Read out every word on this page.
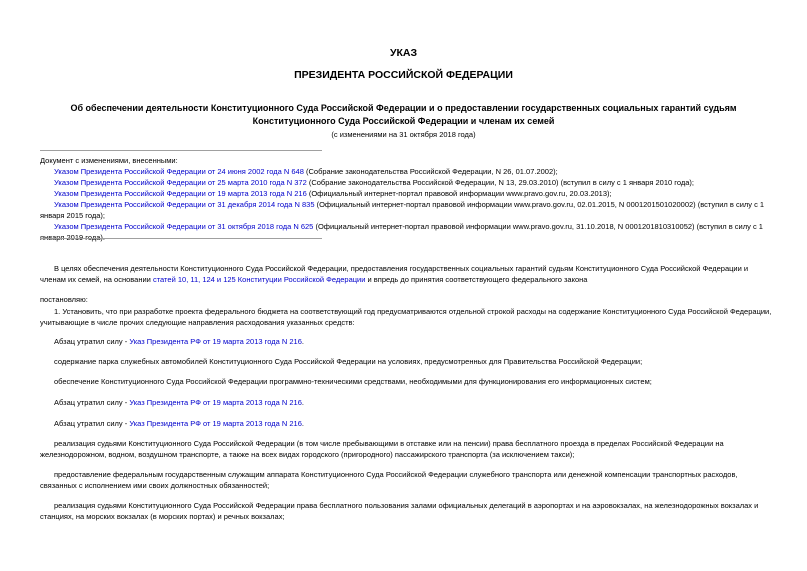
УКАЗ
ПРЕЗИДЕНТА РОССИЙСКОЙ ФЕДЕРАЦИИ
Об обеспечении деятельности Конституционного Суда Российской Федерации и о предоставлении государственных социальных гарантий судьям
Конституционного Суда Российской Федерации и членам их семей
(с изменениями на 31 октября 2018 года)
Документ с изменениями, внесенными:
Указом Президента Российской Федерации от 24 июня 2002 года N 648 (Собрание законодательства Российской Федерации, N 26, 01.07.2002);
Указом Президента Российской Федерации от 25 марта 2010 года N 372 (Собрание законодательства Российской Федерации, N 13, 29.03.2010) (вступил в силу с 1 января 2010 года);
Указом Президента Российской Федерации от 19 марта 2013 года N 216 (Официальный интернет-портал правовой информации www.pravo.gov.ru, 20.03.2013);
Указом Президента Российской Федерации от 31 декабря 2014 года N 835 (Официальный интернет-портал правовой информации www.pravo.gov.ru, 02.01.2015, N 0001201501020002) (вступил в силу с 1 января 2015 года);
Указом Президента Российской Федерации от 31 октября 2018 года N 625 (Официальный интернет-портал правовой информации www.pravo.gov.ru, 31.10.2018, N 0001201810310052) (вступил в силу с 1 января 2019 года).
В целях обеспечения деятельности Конституционного Суда Российской Федерации, предоставления государственных социальных гарантий судьям Конституционного Суда Российской Федерации и членам их семей, на основании статей 10, 11, 124 и 125 Конституции Российской Федерации и впредь до принятия соответствующего федерального закона
постановляю:
1. Установить, что при разработке проекта федерального бюджета на соответствующий год предусматриваются отдельной строкой расходы на содержание Конституционного Суда Российской Федерации, учитывающие в числе прочих следующие направления расходования указанных средств:
Абзац утратил силу - Указ Президента РФ от 19 марта 2013 года N 216.
содержание парка служебных автомобилей Конституционного Суда Российской Федерации на условиях, предусмотренных для Правительства Российской Федерации;
обеспечение Конституционного Суда Российской Федерации программно-техническими средствами, необходимыми для функционирования его информационных систем;
Абзац утратил силу - Указ Президента РФ от 19 марта 2013 года N 216.
Абзац утратил силу - Указ Президента РФ от 19 марта 2013 года N 216.
реализация судьями Конституционного Суда Российской Федерации (в том числе пребывающими в отставке или на пенсии) права бесплатного проезда в пределах Российской Федерации на железнодорожном, водном, воздушном транспорте, а также на всех видах городского (пригородного) пассажирского транспорта (за исключением такси);
предоставление федеральным государственным служащим аппарата Конституционного Суда Российской Федерации служебного транспорта или денежной компенсации транспортных расходов, связанных с исполнением ими своих должностных обязанностей;
реализация судьями Конституционного Суда Российской Федерации права бесплатного пользования залами официальных делегаций в аэропортах и на аэровокзалах, на железнодорожных вокзалах и станциях, на морских вокзалах (в морских портах) и речных вокзалах;
